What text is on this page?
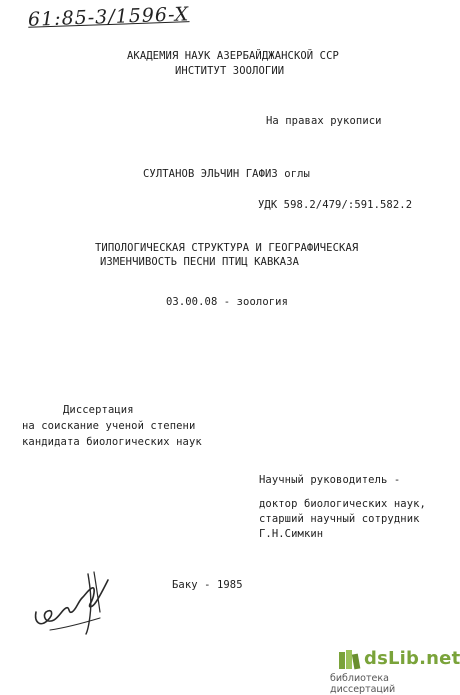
61:85-3/1596-X
АКАДЕМИЯ НАУК АЗЕРБАЙДЖАНСКОЙ ССР
ИНСТИТУТ ЗООЛОГИИ
На правах рукописи
СУЛТАНОВ ЭЛЬЧИН ГАФИЗ оглы
УДК 598.2/479/:591.582.2
ТИПОЛОГИЧЕСКАЯ СТРУКТУРА И ГЕОГРАФИЧЕСКАЯ
ИЗМЕНЧИВОСТЬ ПЕСНИ ПТИЦ КАВКАЗА
03.00.08 - зоология
Диссертация
на соискание ученой степени
кандидата биологических наук
Научный руководитель -
доктор биологических наук,
старший научный сотрудник
Г.Н.Симкин
Баку - 1985
dsLib.net
библиотека диссертаций
